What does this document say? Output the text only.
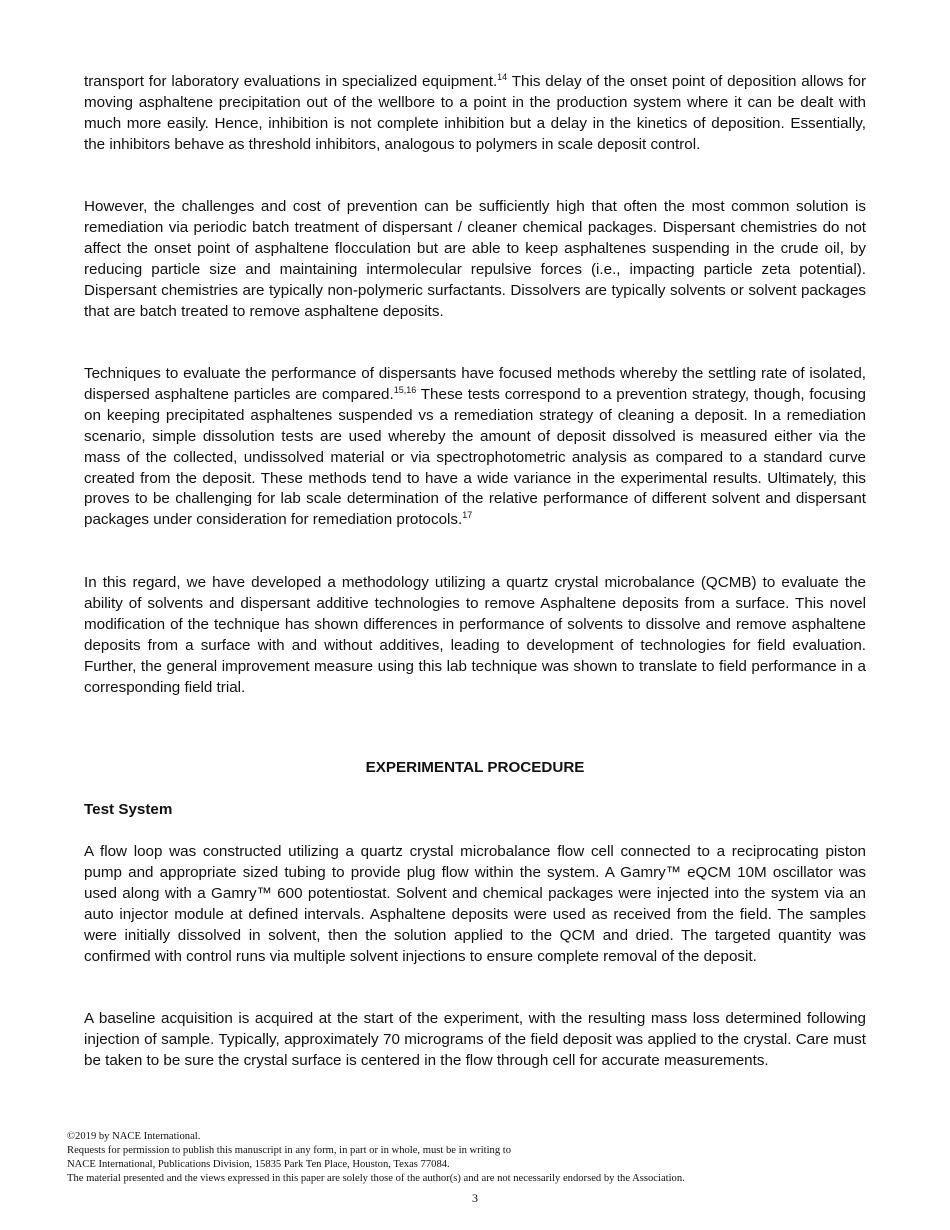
transport for laboratory evaluations in specialized equipment.$^{14}$ This delay of the onset point of deposition allows for moving asphaltene precipitation out of the wellbore to a point in the production system where it can be dealt with much more easily. Hence, inhibition is not complete inhibition but a delay in the kinetics of deposition. Essentially, the inhibitors behave as threshold inhibitors, analogous to polymers in scale deposit control.

However, the challenges and cost of prevention can be sufficiently high that often the most common solution is remediation via periodic batch treatment of dispersant / cleaner chemical packages. Dispersant chemistries do not affect the onset point of asphaltene flocculation but are able to keep asphaltenes suspending in the crude oil, by reducing particle size and maintaining intermolecular repulsive forces (i.e., impacting particle zeta potential). Dispersant chemistries are typically non-polymeric surfactants. Dissolvers are typically solvents or solvent packages that are batch treated to remove asphaltene deposits.

Techniques to evaluate the performance of dispersants have focused methods whereby the settling rate of isolated, dispersed asphaltene particles are compared.$^{15,16}$ These tests correspond to a prevention strategy, though, focusing on keeping precipitated asphaltenes suspended vs a remediation strategy of cleaning a deposit. In a remediation scenario, simple dissolution tests are used whereby the amount of deposit dissolved is measured either via the mass of the collected, undissolved material or via spectrophotometric analysis as compared to a standard curve created from the deposit. These methods tend to have a wide variance in the experimental results. Ultimately, this proves to be challenging for lab scale determination of the relative performance of different solvent and dispersant packages under consideration for remediation protocols.$^{17}$

In this regard, we have developed a methodology utilizing a quartz crystal microbalance (QCMB) to evaluate the ability of solvents and dispersant additive technologies to remove Asphaltene deposits from a surface. This novel modification of the technique has shown differences in performance of solvents to dissolve and remove asphaltene deposits from a surface with and without additives, leading to development of technologies for field evaluation. Further, the general improvement measure using this lab technique was shown to translate to field performance in a corresponding field trial.

EXPERIMENTAL PROCEDURE
Test System

A flow loop was constructed utilizing a quartz crystal microbalance flow cell connected to a reciprocating piston pump and appropriate sized tubing to provide plug flow within the system. A Gamry™ eQCM 10M oscillator was used along with a Gamry™ 600 potentiostat. Solvent and chemical packages were injected into the system via an auto injector module at defined intervals. Asphaltene deposits were used as received from the field. The samples were initially dissolved in solvent, then the solution applied to the QCM and dried. The targeted quantity was confirmed with control runs via multiple solvent injections to ensure complete removal of the deposit.

A baseline acquisition is acquired at the start of the experiment, with the resulting mass loss determined following injection of sample. Typically, approximately 70 micrograms of the field deposit was applied to the crystal. Care must be taken to be sure the crystal surface is centered in the flow through cell for accurate measurements.

©2019 by NACE International.
Requests for permission to publish this manuscript in any form, in part or in whole, must be in writing to
NACE International, Publications Division, 15835 Park Ten Place, Houston, Texas 77084.
The material presented and the views expressed in this paper are solely those of the author(s) and are not necessarily endorsed by the Association.
3
